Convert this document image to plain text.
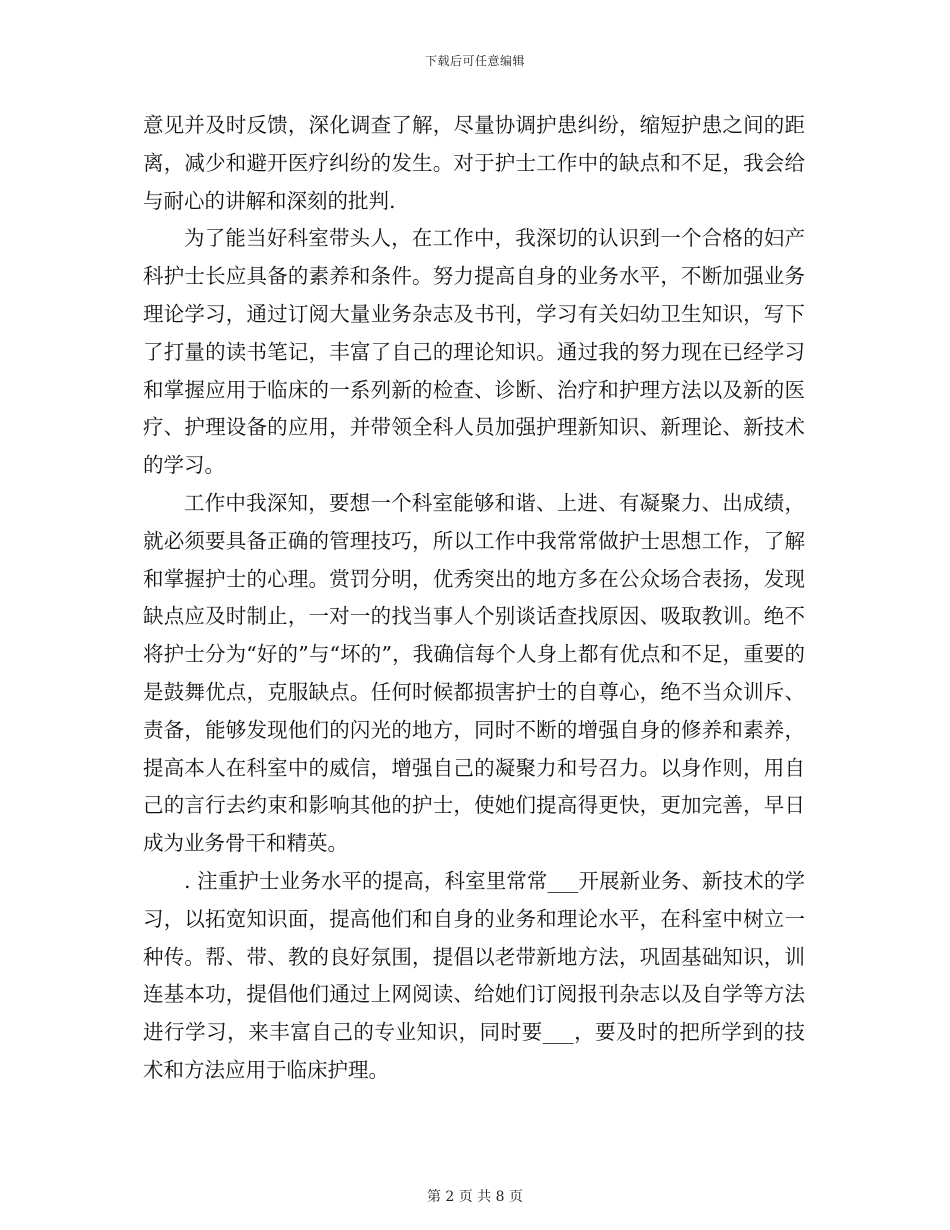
下载后可任意编辑

意见并及时反馈，深化调查了解，尽量协调护患纠纷，缩短护患之间的距离，减少和避开医疗纠纷的发生。对于护士工作中的缺点和不足，我会给与耐心的讲解和深刻的批判.

为了能当好科室带头人，在工作中，我深切的认识到一个合格的妇产科护士长应具备的素养和条件。努力提高自身的业务水平，不断加强业务理论学习，通过订阅大量业务杂志及书刊，学习有关妇幼卫生知识，写下了打量的读书笔记，丰富了自己的理论知识。通过我的努力现在已经学习和掌握应用于临床的一系列新的检查、诊断、治疗和护理方法以及新的医疗、护理设备的应用，并带领全科人员加强护理新知识、新理论、新技术的学习。

工作中我深知，要想一个科室能够和谐、上进、有凝聚力、出成绩，就必须要具备正确的管理技巧，所以工作中我常常做护士思想工作，了解和掌握护士的心理。赏罚分明，优秀突出的地方多在公众场合表扬，发现缺点应及时制止，一对一的找当事人个别谈话查找原因、吸取教训。绝不将护士分为“好的”与“坏的”，我确信每个人身上都有优点和不足，重要的是鼓舞优点，克服缺点。任何时候都损害护士的自尊心，绝不当众训斥、责备，能够发现他们的闪光的地方，同时不断的增强自身的修养和素养，提高本人在科室中的威信，增强自己的凝聚力和号召力。以身作则，用自己的言行去约束和影响其他的护士，使她们提高得更快，更加完善，早日成为业务骨干和精英。

. 注重护士业务水平的提高，科室里常常___开展新业务、新技术的学习，以拓宽知识面，提高他们和自身的业务和理论水平，在科室中树立一种传。帮、带、教的良好氛围，提倡以老带新地方法，巩固基础知识，训连基本功，提倡他们通过上网阅读、给她们订阅报刊杂志以及自学等方法进行学习，来丰富自己的专业知识，同时要___，要及时的把所学到的技术和方法应用于临床护理。

第 2 页 共 8 页
